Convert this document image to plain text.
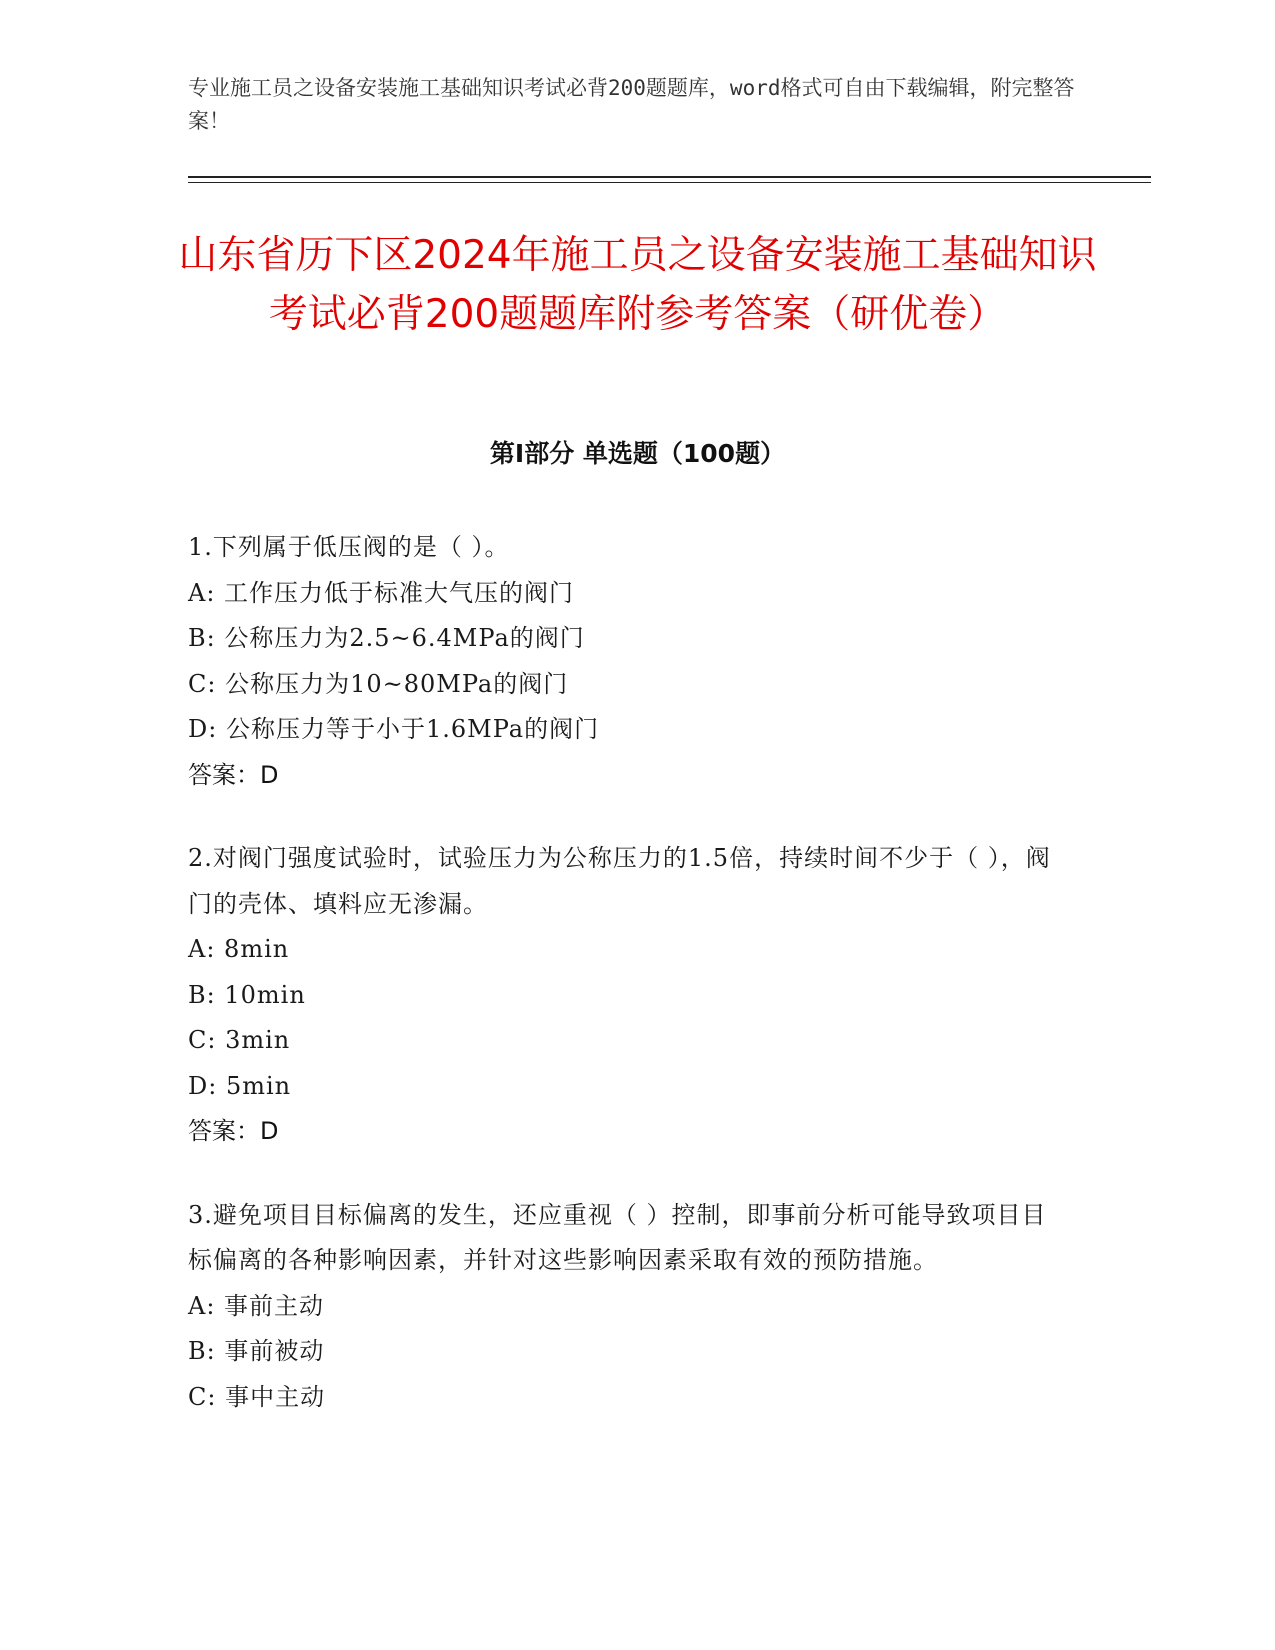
专业施工员之设备安装施工基础知识考试必背200题题库，word格式可自由下载编辑，附完整答案！

山东省历下区2024年施工员之设备安装施工基础知识考试必背200题题库附参考答案（研优卷）
第I部分 单选题（100题）

1.下列属于低压阀的是（ ）。

A: 工作压力低于标准大气压的阀门

B: 公称压力为2.5~6.4MPa的阀门

C: 公称压力为10~80MPa的阀门

D: 公称压力等于小于1.6MPa的阀门

答案：D

2.对阀门强度试验时，试验压力为公称压力的1.5倍，持续时间不少于（ ），阀门的壳体、填料应无渗漏。

A: 8min

B: 10min

C: 3min

D: 5min

答案：D

3.避免项目目标偏离的发生，还应重视（ ）控制，即事前分析可能导致项目目标偏离的各种影响因素，并针对这些影响因素采取有效的预防措施。

A: 事前主动

B: 事前被动

C: 事中主动
